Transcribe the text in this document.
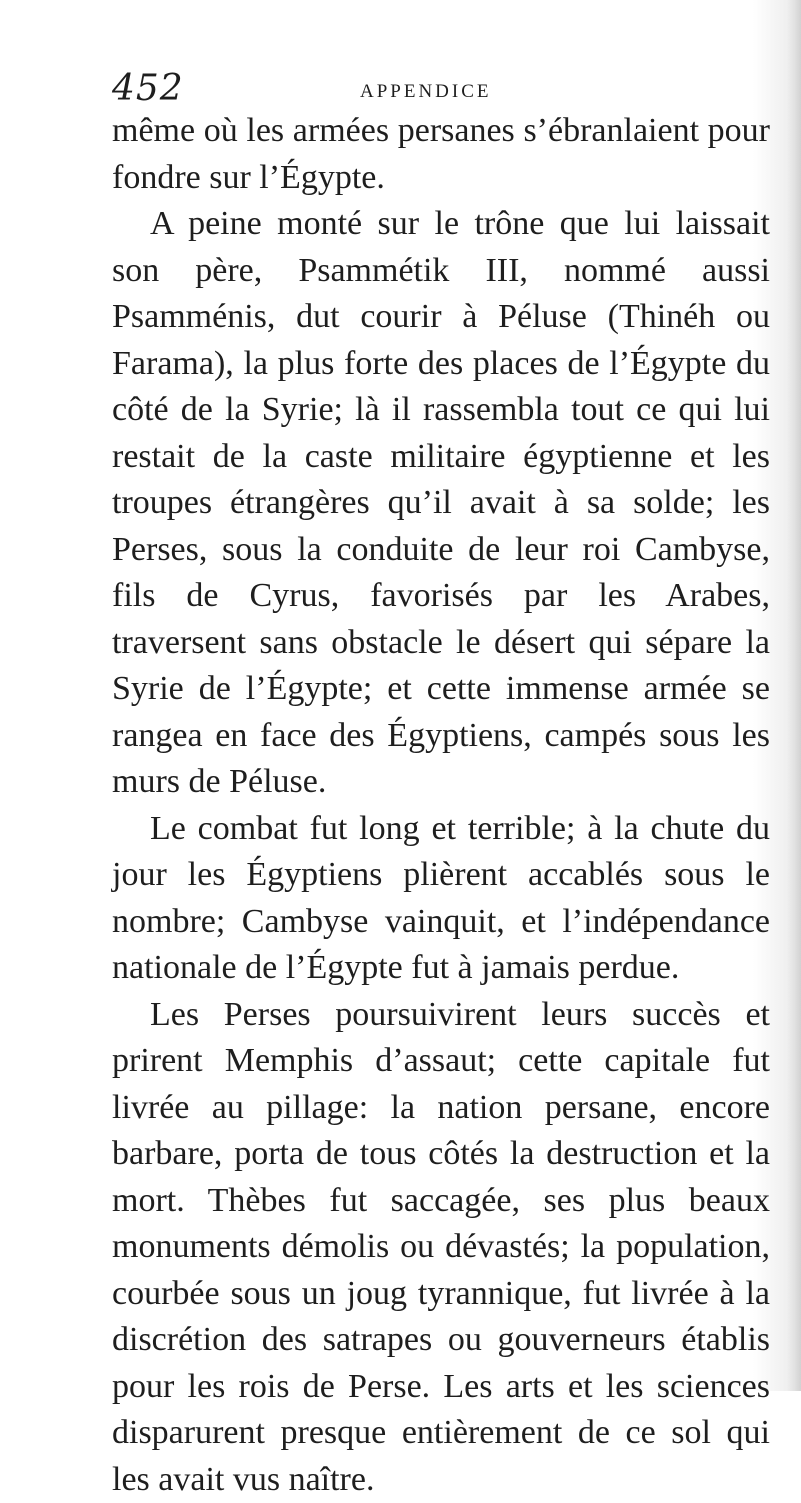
452	APPENDICE

même où les armées persanes s’ébranlaient pour fondre sur l’Égypte.

A peine monté sur le trône que lui laissait son père, Psammétik III, nommé aussi Psamménis, dut courir à Péluse (Thinéh ou Farama), la plus forte des places de l’Égypte du côté de la Syrie; là il rassembla tout ce qui lui restait de la caste militaire égyptienne et les troupes étrangères qu’il avait à sa solde; les Perses, sous la conduite de leur roi Cambyse, fils de Cyrus, favorisés par les Arabes, traversent sans obstacle le désert qui sépare la Syrie de l’Égypte; et cette immense armée se rangea en face des Égyptiens, campés sous les murs de Péluse.

Le combat fut long et terrible; à la chute du jour les Égyptiens plièrent accablés sous le nombre; Cambyse vainquit, et l’indépendance nationale de l’Égypte fut à jamais perdue.

Les Perses poursuivirent leurs succès et prirent Memphis d’assaut; cette capitale fut livrée au pillage: la nation persane, encore barbare, porta de tous côtés la destruction et la mort. Thèbes fut saccagée, ses plus beaux monuments démolis ou dévastés; la population, courbée sous un joug tyrannique, fut livrée à la discrétion des satrapes ou gouverneurs établis pour les rois de Perse. Les arts et les sciences disparurent presque entièrement de ce sol qui les avait vus naître.
